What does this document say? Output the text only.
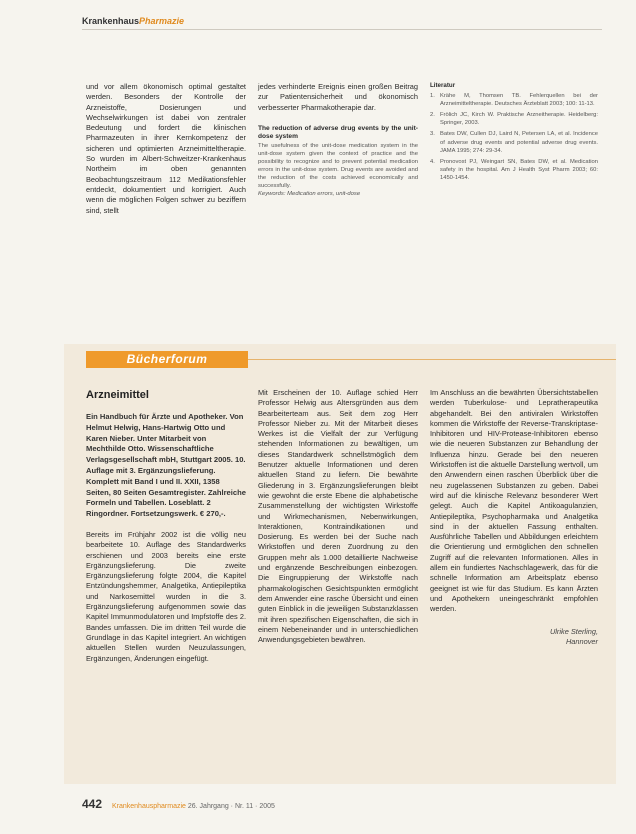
KrankenhausPharmazie

und vor allem ökonomisch optimal gestaltet werden. Besonders der Kontrolle der Arzneistoffe, Dosierungen und Wechselwirkungen ist dabei von zentraler Bedeutung und fordert die klinischen Pharmazeuten in ihrer Kernkompetenz der sicheren und optimierten Arzneimitteltherapie. So wurden im Albert-Schweitzer-Krankenhaus Northeim im oben genannten Beobachtungszeitraum 112 Medikationsfehler entdeckt, dokumentiert und korrigiert. Auch wenn die möglichen Folgen schwer zu beziffern sind, stellt

jedes verhinderte Ereignis einen großen Beitrag zur Patientensicherheit und ökonomisch verbesserter Pharmakotherapie dar.

The reduction of adverse drug events by the unit-dose system
The usefulness of the unit-dose medication system in the unit-dose system given the context of practice and the possibility to recognize and to prevent potential medication errors in the unit-dose system. Drug events are avoided and the reduction of the costs achieved economically and successfully.
Keywords: Medication errors, unit-dose
Literatur
1. Krähe M, Thomsen TB. Fehlerquellen bei der Arzneimitteltherapie. Deutsches Ärzteblatt 2003; 100: 11-13.
2. Frölich JC, Kirch W. Praktische Arzneitherapie. Heidelberg: Springer, 2003.
3. Bates DW, Cullen DJ, Laird N, Petersen LA, et al. Incidence of adverse drug events and potential adverse drug events. JAMA 1995; 274: 29-34.
4. Pronovost PJ, Weingart SN, Bates DW, et al. Medication safety in the hospital. Am J Health Syst Pharm 2003; 60: 1450-1454.
Bücherforum
Arzneimittel
Ein Handbuch für Ärzte und Apotheker. Von Helmut Helwig, Hans-Hartwig Otto und Karen Nieber. Unter Mitarbeit von Mechthilde Otto. Wissenschaftliche Verlagsgesellschaft mbH, Stuttgart 2005. 10. Auflage mit 3. Ergänzungslieferung. Komplett mit Band I und II. XXII, 1358 Seiten, 80 Seiten Gesamtregister. Zahlreiche Formeln und Tabellen. Loseblatt. 2 Ringordner. Fortsetzungswerk. € 270,-.

Bereits im Frühjahr 2002 ist die völlig neu bearbeitete 10. Auflage des Standardwerks erschienen und 2003 bereits eine erste Ergänzungslieferung. Die zweite Ergänzungslieferung folgte 2004, die Kapitel Entzündungshemmer, Analgetika, Antiepileptika und Narkosemittel wurden in die 3. Ergänzungslieferung aufgenommen sowie das Kapitel Immunmodulatoren und Impfstoffe des 2. Bandes umfassen. Die im dritten Teil wurde die Grundlage in das Kapitel integriert. An wichtigen aktuellen Stellen wurden Neuzulassungen, Ergänzungen, Änderungen eingefügt.

Mit Erscheinen der 10. Auflage schied Herr Professor Helwig aus Altersgründen aus dem Bearbeiterteam aus. Seit dem zog Herr Professor Nieber zu. Mit der Mitarbeit dieses Werkes ist die Vielfalt der zur Verfügung stehenden Informationen zu bewältigen, um dieses Standardwerk schnellstmöglich dem Benutzer aktuelle Informationen und deren aktuellen Stand zu liefern. Die bewährte Gliederung in 3. Ergänzungslieferungen bleibt wie gewohnt die erste Ebene die alphabetische Zusammenstellung der wichtigsten Wirkstoffe und Wirkmechanismen, Nebenwirkungen, Interaktionen, Kontraindikationen und Dosierung. Es werden bei der Suche nach Wirkstoffen und deren Zuordnung zu den Gruppen mehr als 1.000 detaillierte Nachweise und ergänzende Beschreibungen einbezogen. Die Eingruppierung der Wirkstoffe nach pharmakologischen Gesichtspunkten ermöglicht dem Anwender eine rasche Übersicht und einen guten Einblick in die jeweiligen Substanzklassen mit ihren spezifischen Eigenschaften, die sich in einem Nebeneinander und in unterschiedlichen Anwendungsgebieten bewähren.

Im Anschluss an die bewährten Übersichtstabellen werden Tuberkulose- und Lepratherapeutika abgehandelt. Bei den antiviralen Wirkstoffen kommen die Wirkstoffe der Reverse-Transkriptase-Inhibitoren und HIV-Protease-Inhibitoren ebenso wie die neueren Substanzen zur Behandlung der Influenza hinzu. Gerade bei den neueren Wirkstoffen ist die aktuelle Darstellung wertvoll, um den Anwendern einen raschen Überblick über die neu zugelassenen Substanzen zu geben. Dabei wird auf die klinische Relevanz besonderer Wert gelegt. Auch die Kapitel Antikoagulanzien, Antiepileptika, Psychopharmaka und Analgetika sind in der aktuellen Fassung enthalten. Ausführliche Tabellen und Abbildungen erleichtern die Orientierung und ermöglichen den schnellen Zugriff auf die relevanten Informationen. Alles in allem ein fundiertes Nachschlagewerk, das für die schnelle Information am Arbeitsplatz ebenso geeignet ist wie für das Studium. Es kann Ärzten und Apothekern uneingeschränkt empfohlen werden.

Ulrike Sterling,
Hannover
442 Krankenhauspharmazie 26. Jahrgang · Nr. 11 · 2005
